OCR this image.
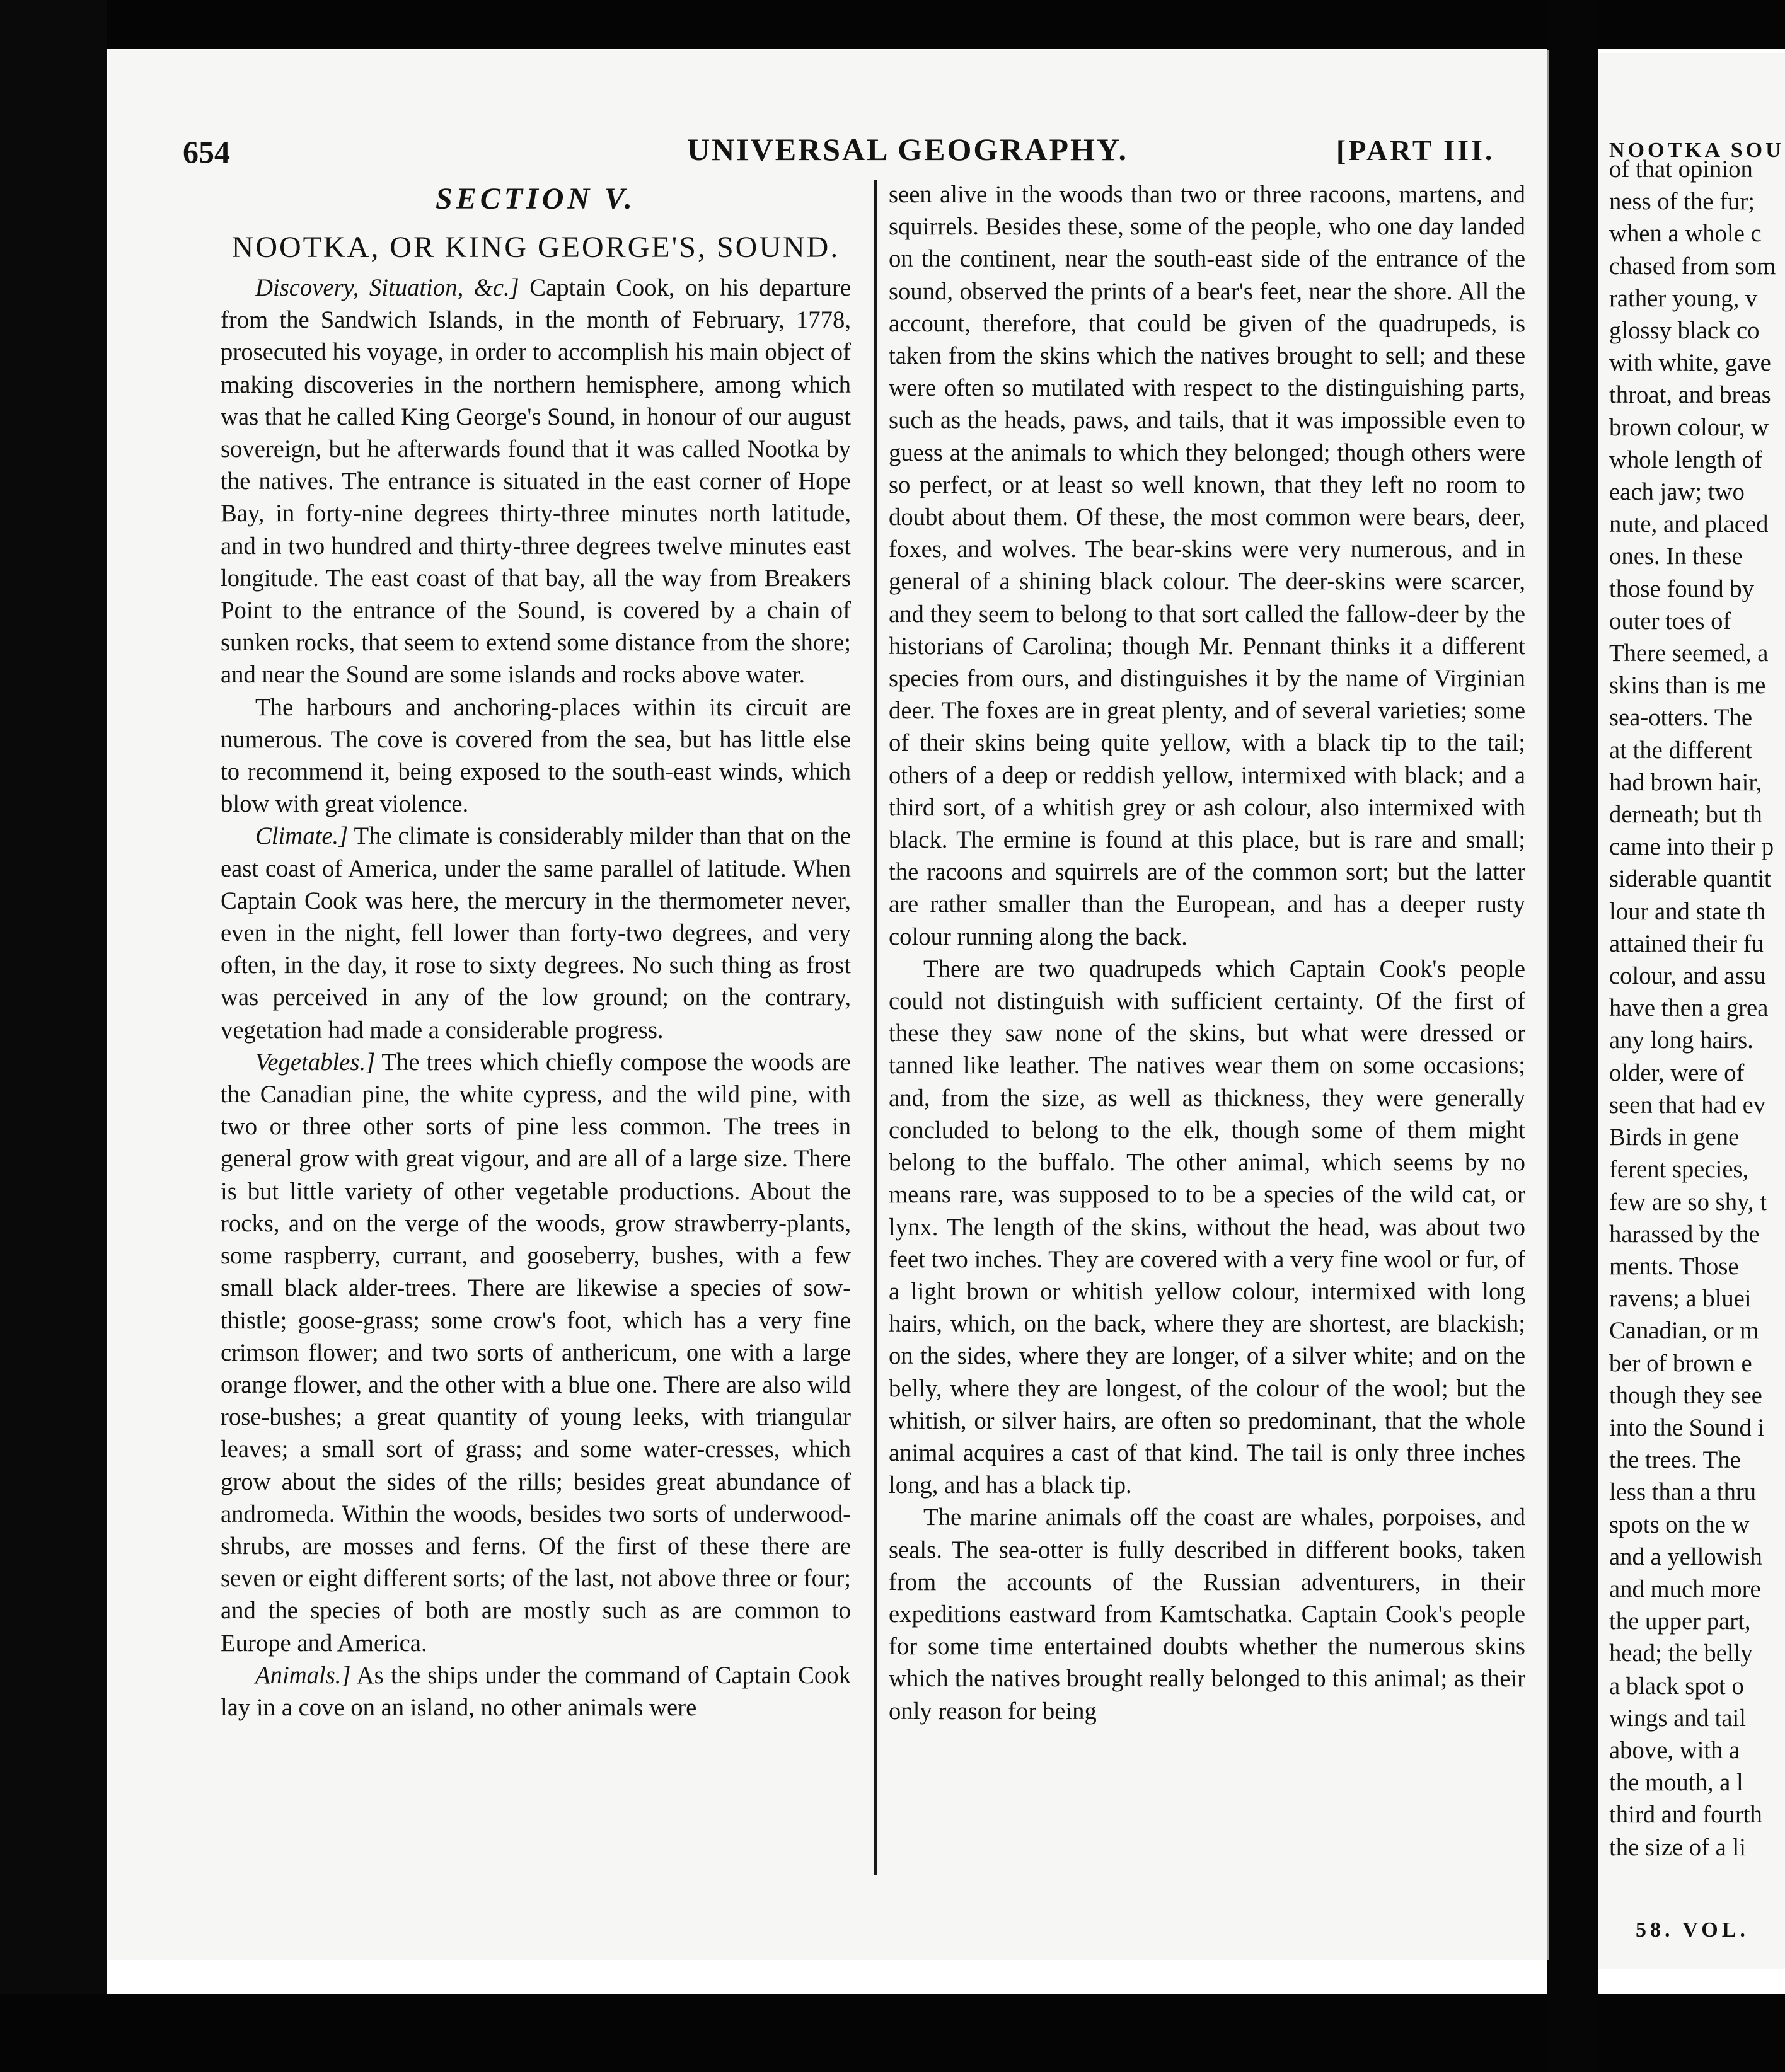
654	UNIVERSAL GEOGRAPHY.	[PART III.
SECTION V.
NOOTKA, OR KING GEORGE'S, SOUND.

Discovery, Situation, &c.] Captain Cook, on his departure from the Sandwich Islands, in the month of February, 1778, prosecuted his voyage, in order to accomplish his main object of making discoveries in the northern hemisphere, among which was that he called King George's Sound, in honour of our august sovereign, but he afterwards found that it was called Nootka by the natives. The entrance is situated in the east corner of Hope Bay, in forty-nine degrees thirty-three minutes north latitude, and in two hundred and thirty-three degrees twelve minutes east longitude. The east coast of that bay, all the way from Breakers Point to the entrance of the Sound, is covered by a chain of sunken rocks, that seem to extend some distance from the shore; and near the Sound are some islands and rocks above water.

The harbours and anchoring-places within its circuit are numerous. The cove is covered from the sea, but has little else to recommend it, being exposed to the south-east winds, which blow with great violence.

Climate.] The climate is considerably milder than that on the east coast of America, under the same parallel of latitude. When Captain Cook was here, the mercury in the thermometer never, even in the night, fell lower than forty-two degrees, and very often, in the day, it rose to sixty degrees. No such thing as frost was perceived in any of the low ground; on the contrary, vegetation had made a considerable progress.

Vegetables.] The trees which chiefly compose the woods are the Canadian pine, the white cypress, and the wild pine, with two or three other sorts of pine less common. The trees in general grow with great vigour, and are all of a large size. There is but little variety of other vegetable productions. About the rocks, and on the verge of the woods, grow strawberry-plants, some raspberry, currant, and gooseberry, bushes, with a few small black alder-trees. There are likewise a species of sow-thistle; goose-grass; some crow's foot, which has a very fine crimson flower; and two sorts of anthericum, one with a large orange flower, and the other with a blue one. There are also wild rose-bushes; a great quantity of young leeks, with triangular leaves; a small sort of grass; and some water-cresses, which grow about the sides of the rills; besides great abundance of andromeda. Within the woods, besides two sorts of underwood-shrubs, are mosses and ferns. Of the first of these there are seven or eight different sorts; of the last, not above three or four; and the species of both are mostly such as are common to Europe and America.

Animals.] As the ships under the command of Captain Cook lay in a cove on an island, no other animals were

seen alive in the woods than two or three racoons, martens, and squirrels. Besides these, some of the people, who one day landed on the continent, near the south-east side of the entrance of the sound, observed the prints of a bear's feet, near the shore. All the account, therefore, that could be given of the quadrupeds, is taken from the skins which the natives brought to sell; and these were often so mutilated with respect to the distinguishing parts, such as the heads, paws, and tails, that it was impossible even to guess at the animals to which they belonged; though others were so perfect, or at least so well known, that they left no room to doubt about them. Of these, the most common were bears, deer, foxes, and wolves. The bear-skins were very numerous, and in general of a shining black colour. The deer-skins were scarcer, and they seem to belong to that sort called the fallow-deer by the historians of Carolina; though Mr. Pennant thinks it a different species from ours, and distinguishes it by the name of Virginian deer. The foxes are in great plenty, and of several varieties; some of their skins being quite yellow, with a black tip to the tail; others of a deep or reddish yellow, intermixed with black; and a third sort, of a whitish grey or ash colour, also intermixed with black. The ermine is found at this place, but is rare and small; the racoons and squirrels are of the common sort; but the latter are rather smaller than the European, and has a deeper rusty colour running along the back.

There are two quadrupeds which Captain Cook's people could not distinguish with sufficient certainty. Of the first of these they saw none of the skins, but what were dressed or tanned like leather. The natives wear them on some occasions; and, from the size, as well as thickness, they were generally concluded to belong to the elk, though some of them might belong to the buffalo. The other animal, which seems by no means rare, was supposed to to be a species of the wild cat, or lynx. The length of the skins, without the head, was about two feet two inches. They are covered with a very fine wool or fur, of a light brown or whitish yellow colour, intermixed with long hairs, which, on the back, where they are shortest, are blackish; on the sides, where they are longer, of a silver white; and on the belly, where they are longest, of the colour of the wool; but the whitish, or silver hairs, are often so predominant, that the whole animal acquires a cast of that kind. The tail is only three inches long, and has a black tip.

The marine animals off the coast are whales, porpoises, and seals. The sea-otter is fully described in different books, taken from the accounts of the Russian adventurers, in their expeditions eastward from Kamtschatka. Captain Cook's people for some time entertained doubts whether the numerous skins which the natives brought really belonged to this animal; as their only reason for being

NOOTKA SOU
of that opinion
ness of the fur;
when a whole c
chased from som
rather young, v
glossy black co
with white, gave
throat, and breas
brown colour, w
whole length of
each jaw; two
nute, and placed
ones. In these
those found by
outer toes of
There seemed, a
skins than is me
sea-otters. The
at the different
had brown hair,
derneath; but th
came into their p
siderable quantit
lour and state th
attained their fu
colour, and assu
have then a grea
any long hairs.
older, were of
seen that had ev
Birds in gene
ferent species,
few are so shy, t
harassed by the
ments. Those
ravens; a bluei
Canadian, or m
ber of brown e
though they see
into the Sound i
the trees. The
less than a thru
spots on the w
and a yellowish
and much more
the upper part,
head; the belly
a black spot o
wings and tail
above, with a
the mouth, a l
third and fourth
the size of a li
58. VOL.
